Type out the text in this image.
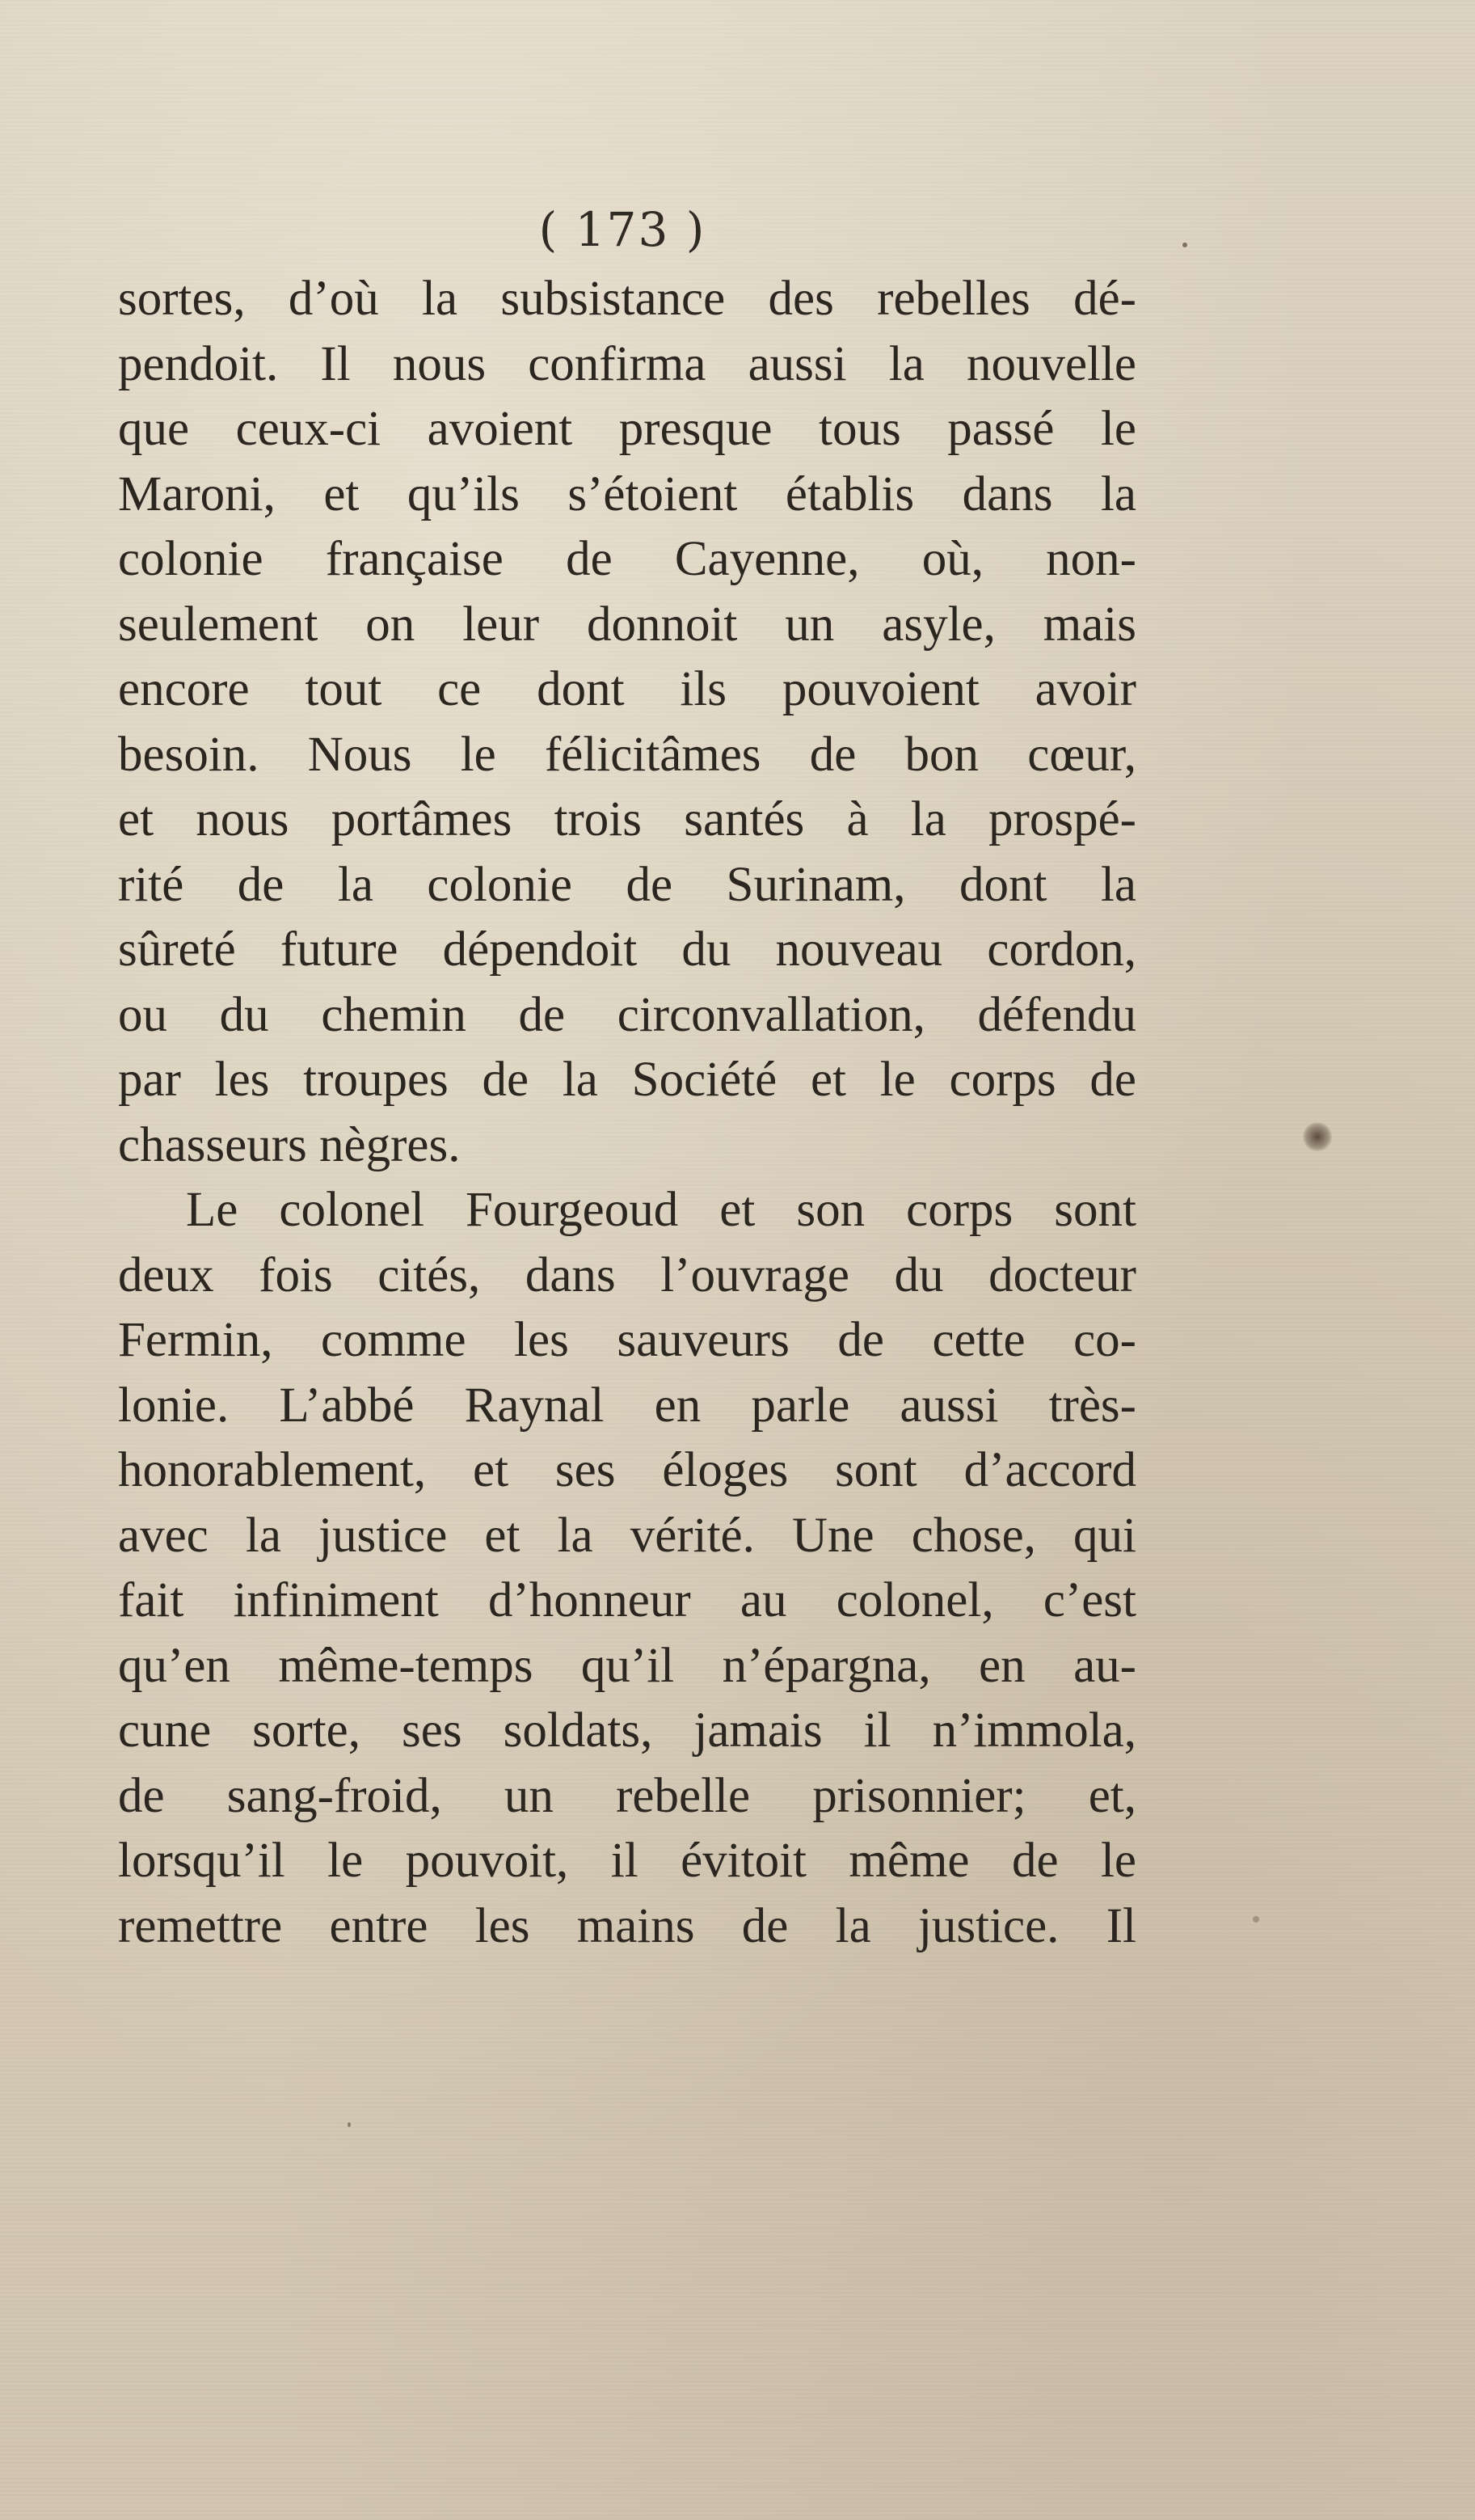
( 173 )
sortes, d’où la subsistance des rebelles dé-
pendoit. Il nous confirma aussi la nouvelle
que ceux-ci avoient presque tous passé le
Maroni, et qu’ils s’étoient établis dans la
colonie française de Cayenne, où, non-
seulement on leur donnoit un asyle, mais
encore tout ce dont ils pouvoient avoir
besoin. Nous le félicitâmes de bon cœur,
et nous portâmes trois santés à la prospé-
rité de la colonie de Surinam, dont la
sûreté future dépendoit du nouveau cordon,
ou du chemin de circonvallation, défendu
par les troupes de la Société et le corps de
chasseurs nègres.
Le colonel Fourgeoud et son corps sont
deux fois cités, dans l’ouvrage du docteur
Fermin, comme les sauveurs de cette co-
lonie. L’abbé Raynal en parle aussi très-
honorablement, et ses éloges sont d’accord
avec la justice et la vérité. Une chose, qui
fait infiniment d’honneur au colonel, c’est
qu’en même-temps qu’il n’épargna, en au-
cune sorte, ses soldats, jamais il n’immola,
de sang-froid, un rebelle prisonnier; et,
lorsqu’il le pouvoit, il évitoit même de le
remettre entre les mains de la justice. Il
